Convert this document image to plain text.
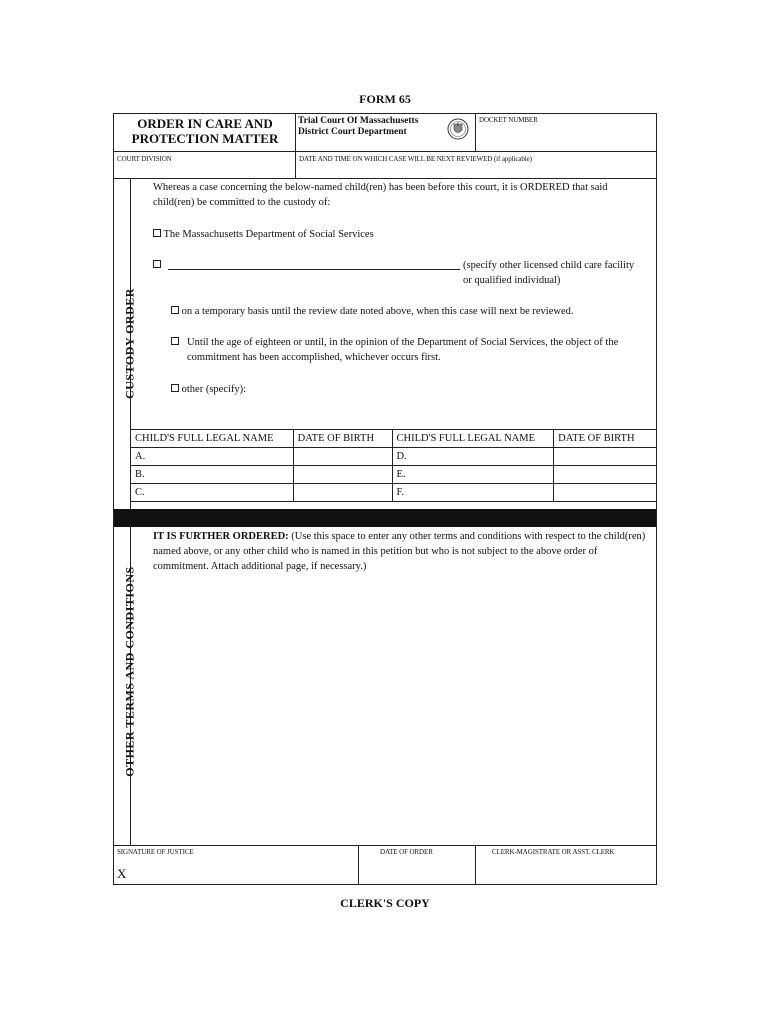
FORM 65
ORDER IN CARE AND
PROTECTION MATTER
Trial Court Of Massachusetts
District Court Department
DOCKET NUMBER
COURT DIVISION	DATE AND TIME ON WHICH CASE WILL BE NEXT REVIEWED (if applicable)
CUSTODY ORDER
OTHER TERMS AND CONDITIONS
Whereas a case concerning the below-named child(ren) has been before this court, it is ORDERED that said child(ren) be committed to the custody of:
The Massachusetts Department of Social Services
(specify other licensed child care facility
or qualified individual)
on a temporary basis until the review date noted above, when this case will next be reviewed.
Until the age of eighteen or until, in the opinion of the Department of Social Services, the object of the commitment has been accomplished, whichever occurs first.
other (specify):
CHILD'S FULL LEGAL NAME	DATE OF BIRTH	CHILD'S FULL LEGAL NAME	DATE OF BIRTH
A.		D.	
B.		E.	
C.		F.	
IT IS FURTHER ORDERED: (Use this space to enter any other terms and conditions with respect to the child(ren) named above, or any other child who is named in this petition but who is not subject to the above order of commitment. Attach additional page, if necessary.)
SIGNATURE OF JUSTICE
X
DATE OF ORDER	CLERK-MAGISTRATE OR ASST. CLERK
CLERK'S COPY
